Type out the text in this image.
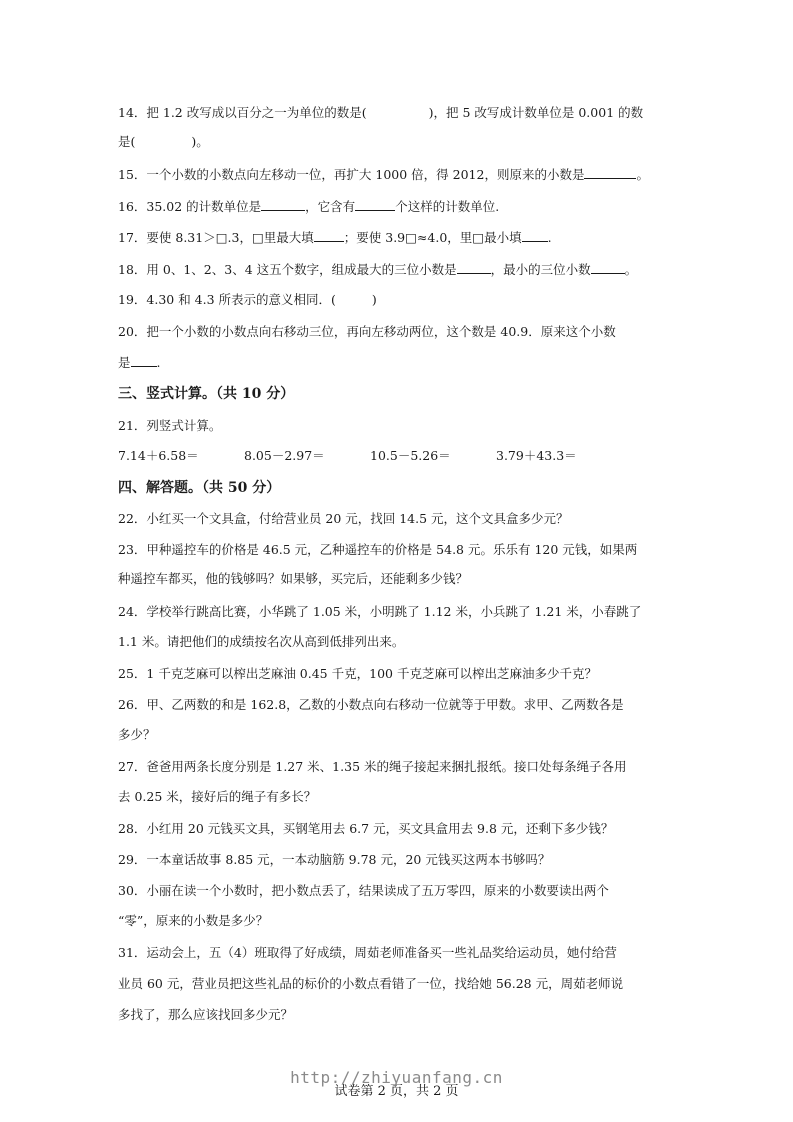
14．把 1.2 改写成以百分之一为单位的数是(	)，把 5 改写成计数单位是 0.001 的数
是(	)。
15．一个小数的小数点向左移动一位，再扩大 1000 倍，得 2012，则原来的小数是	。
16．35.02 的计数单位是	，它含有	个这样的计数单位.
17．要使 8.31＞□.3，□里最大填 ；要使 3.9□≈4.0，里□最小填 .
18．用 0、1、2、3、4 这五个数字，组成最大的三位小数是	，最小的三位小数	。
19．4.30 和 4.3 所表示的意义相同．(	)
20．把一个小数的小数点向右移动三位，再向左移动两位，这个数是 40.9．原来这个小数
是 .
三、竖式计算。（共 10 分）
21．列竖式计算。
7.14＋6.58＝	8.05－2.97＝	10.5－5.26＝	3.79＋43.3＝
四、解答题。（共 50 分）
22．小红买一个文具盒，付给营业员 20 元，找回 14.5 元，这个文具盒多少元？
23．甲种遥控车的价格是 46.5 元，乙种遥控车的价格是 54.8 元。乐乐有 120 元钱，如果两
种遥控车都买，他的钱够吗？如果够，买完后，还能剩多少钱？
24．学校举行跳高比赛，小华跳了 1.05 米，小明跳了 1.12 米，小兵跳了 1.21 米，小春跳了
1.1 米。请把他们的成绩按名次从高到低排列出来。
25．1 千克芝麻可以榨出芝麻油 0.45 千克，100 千克芝麻可以榨出芝麻油多少千克？
26．甲、乙两数的和是 162.8，乙数的小数点向右移动一位就等于甲数。求甲、乙两数各是
多少？
27．爸爸用两条长度分别是 1.27 米、1.35 米的绳子接起来捆扎报纸。接口处每条绳子各用
去 0.25 米，接好后的绳子有多长？
28．小红用 20 元钱买文具，买钢笔用去 6.7 元，买文具盒用去 9.8 元，还剩下多少钱？
29．一本童话故事 8.85 元，一本动脑筋 9.78 元，20 元钱买这两本书够吗？
30．小丽在读一个小数时，把小数点丢了，结果读成了五万零四，原来的小数要读出两个
“零”，原来的小数是多少？
31．运动会上，五（4）班取得了好成绩，周茹老师准备买一些礼品奖给运动员，她付给营
业员 60 元，营业员把这些礼品的标价的小数点看错了一位，找给她 56.28 元，周茹老师说
多找了，那么应该找回多少元？
试卷第 2 页，共 2 页
http://zhiyuanfang.cn
